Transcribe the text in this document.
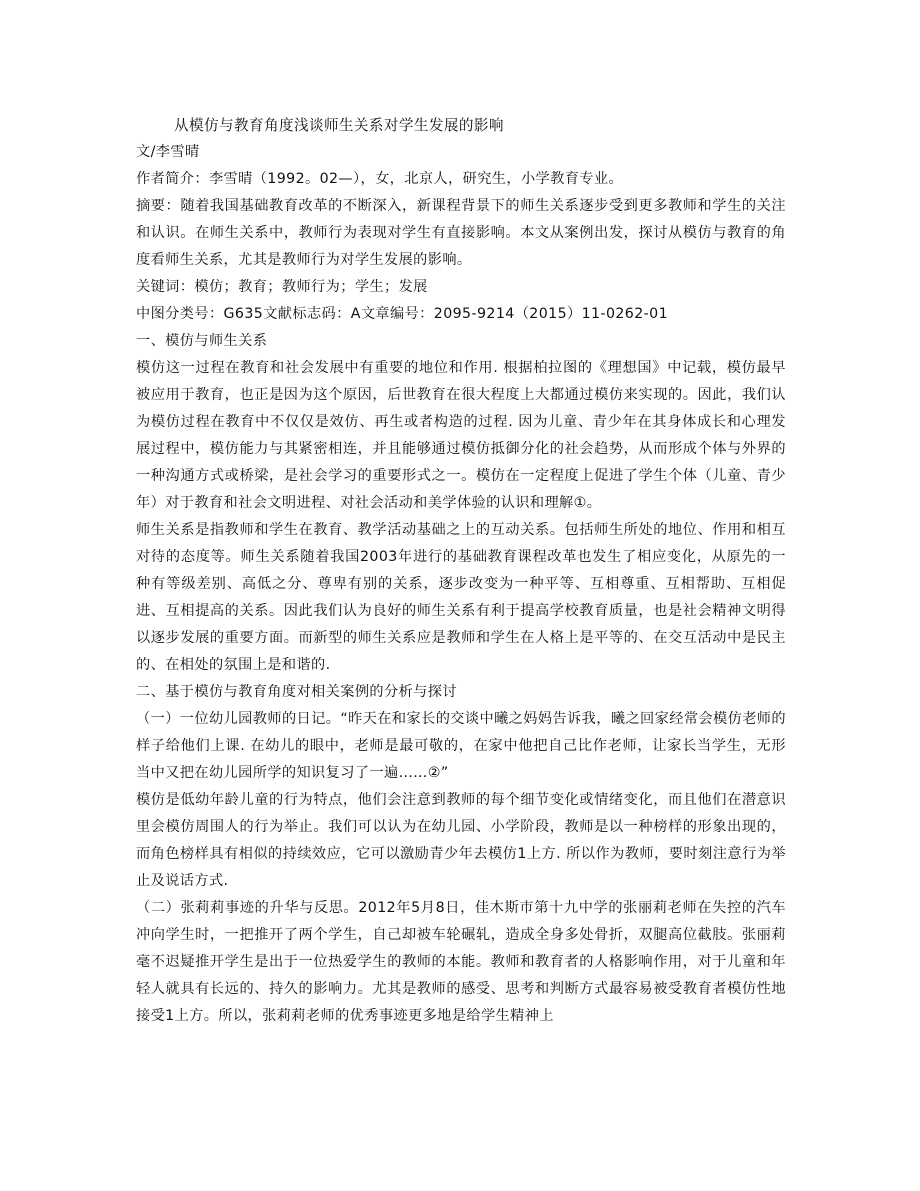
从模仿与教育角度浅谈师生关系对学生发展的影响

文/李雪晴

作者简介：李雪晴（1992。02—），女，北京人，研究生，小学教育专业。

摘要：随着我国基础教育改革的不断深入，新课程背景下的师生关系逐步受到更多教师和学生的关注和认识。在师生关系中，教师行为表现对学生有直接影响。本文从案例出发，探讨从模仿与教育的角度看师生关系，尤其是教师行为对学生发展的影响。

关键词：模仿；教育；教师行为；学生；发展

中图分类号：G635文献标志码：A文章编号：2095-9214（2015）11-0262-01

一、模仿与师生关系

模仿这一过程在教育和社会发展中有重要的地位和作用. 根据柏拉图的《理想国》中记载，模仿最早被应用于教育，也正是因为这个原因，后世教育在很大程度上大都通过模仿来实现的。因此，我们认为模仿过程在教育中不仅仅是效仿、再生或者构造的过程. 因为儿童、青少年在其身体成长和心理发展过程中，模仿能力与其紧密相连，并且能够通过模仿抵御分化的社会趋势，从而形成个体与外界的一种沟通方式或桥梁，是社会学习的重要形式之一。模仿在一定程度上促进了学生个体（儿童、青少年）对于教育和社会文明进程、对社会活动和美学体验的认识和理解①。

师生关系是指教师和学生在教育、教学活动基础之上的互动关系。包括师生所处的地位、作用和相互对待的态度等。师生关系随着我国2003年进行的基础教育课程改革也发生了相应变化，从原先的一种有等级差别、高低之分、尊卑有别的关系，逐步改变为一种平等、互相尊重、互相帮助、互相促进、互相提高的关系。因此我们认为良好的师生关系有利于提高学校教育质量，也是社会精神文明得以逐步发展的重要方面。而新型的师生关系应是教师和学生在人格上是平等的、在交互活动中是民主的、在相处的氛围上是和谐的.

二、基于模仿与教育角度对相关案例的分析与探讨

（一）一位幼儿园教师的日记。“昨天在和家长的交谈中曦之妈妈告诉我，曦之回家经常会模仿老师的样子给他们上课. 在幼儿的眼中，老师是最可敬的，在家中他把自己比作老师，让家长当学生，无形当中又把在幼儿园所学的知识复习了一遍……②”

模仿是低幼年龄儿童的行为特点，他们会注意到教师的每个细节变化或情绪变化，而且他们在潜意识里会模仿周围人的行为举止。我们可以认为在幼儿园、小学阶段，教师是以一种榜样的形象出现的，而角色榜样具有相似的持续效应，它可以激励青少年去模仿1上方. 所以作为教师，要时刻注意行为举止及说话方式.

（二）张莉莉事迹的升华与反思。2012年5月8日，佳木斯市第十九中学的张丽莉老师在失控的汽车冲向学生时，一把推开了两个学生，自己却被车轮碾轧，造成全身多处骨折，双腿高位截肢。张丽莉毫不迟疑推开学生是出于一位热爱学生的教师的本能。教师和教育者的人格影响作用，对于儿童和年轻人就具有长远的、持久的影响力。尤其是教师的感受、思考和判断方式最容易被受教育者模仿性地接受1上方。所以，张莉莉老师的优秀事迹更多地是给学生精神上
